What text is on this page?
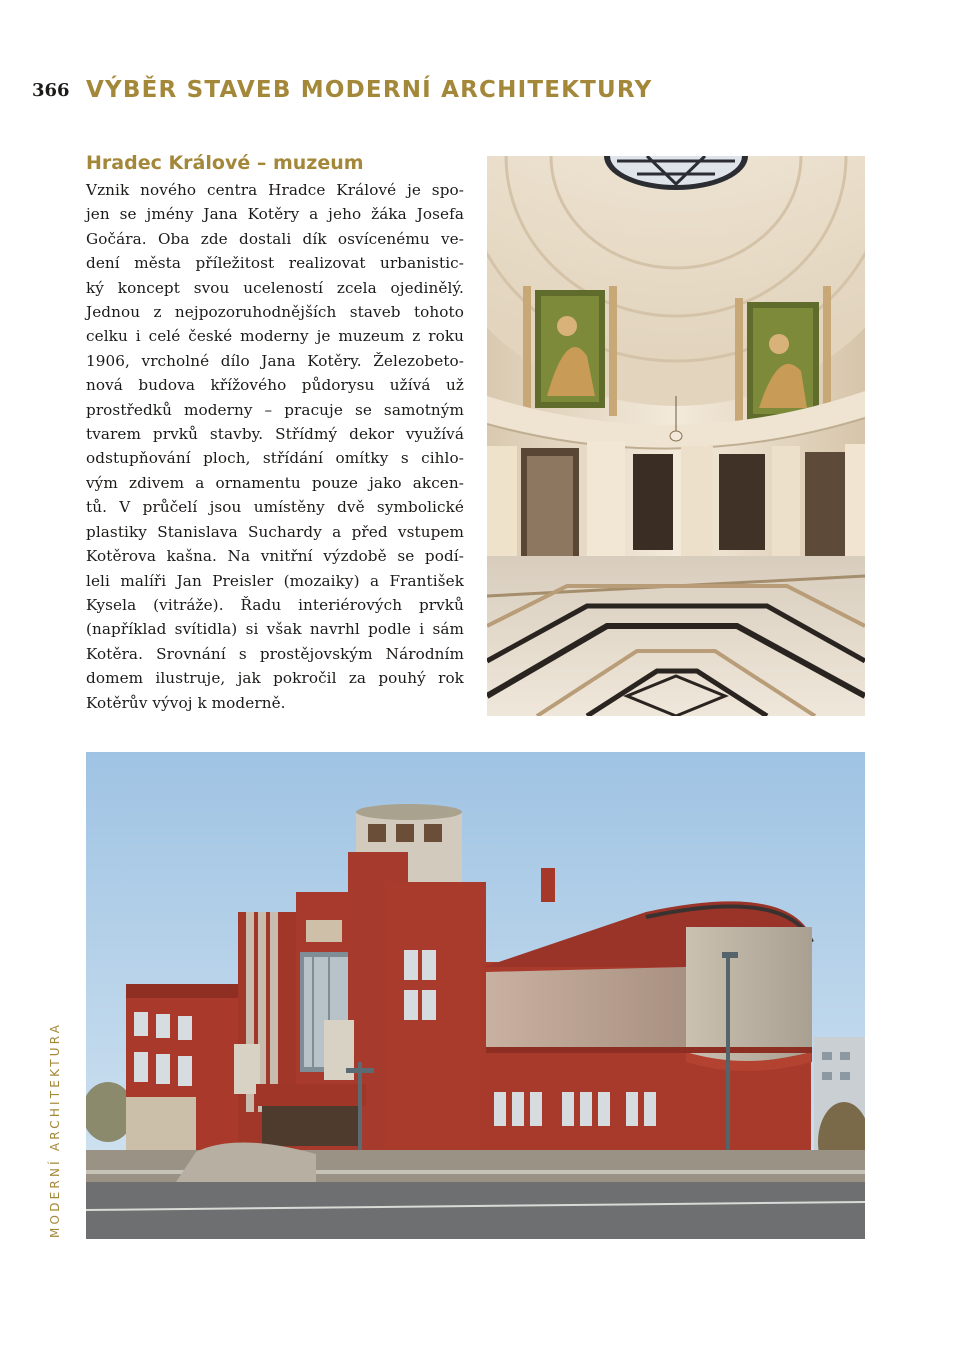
366 VÝBĚR STAVEB MODERNÍ ARCHITEKTURY
Hradec Králové – muzeum
Vznik nového centra Hradce Králové je spo-
jen se jmény Jana Kotěry a jeho žáka Josefa
Gočára. Oba zde dostali dík osvícenému ve-
dení města příležitost realizovat urbanistic-
ký koncept svou uceleností zcela ojedinělý.
Jednou z nejpozoruhodnějších staveb tohoto
celku i celé české moderny je muzeum z roku
1906, vrcholné dílo Jana Kotěry. Železobeto-
nová budova křížového půdorysu užívá už
prostředků moderny – pracuje se samotným
tvarem prvků stavby. Střídmý dekor využívá
odstupňování ploch, střídání omítky s cihlo-
vým zdivem a ornamentu pouze jako akcen-
tů. V průčelí jsou umístěny dvě symbolické
plastiky Stanislava Suchardy a před vstupem
Kotěrova kašna. Na vnitřní výzdobě se podí-
leli malíři Jan Preisler (mozaiky) a František
Kysela (vitráže). Řadu interiérových prvků
(například svítidla) si však navrhl podle i sám
Kotěra. Srovnání s prostějovským Národním
domem ilustruje, jak pokročil za pouhý rok
Kotěrův vývoj k moderně.
MODERNÍ ARCHITEKTURA
